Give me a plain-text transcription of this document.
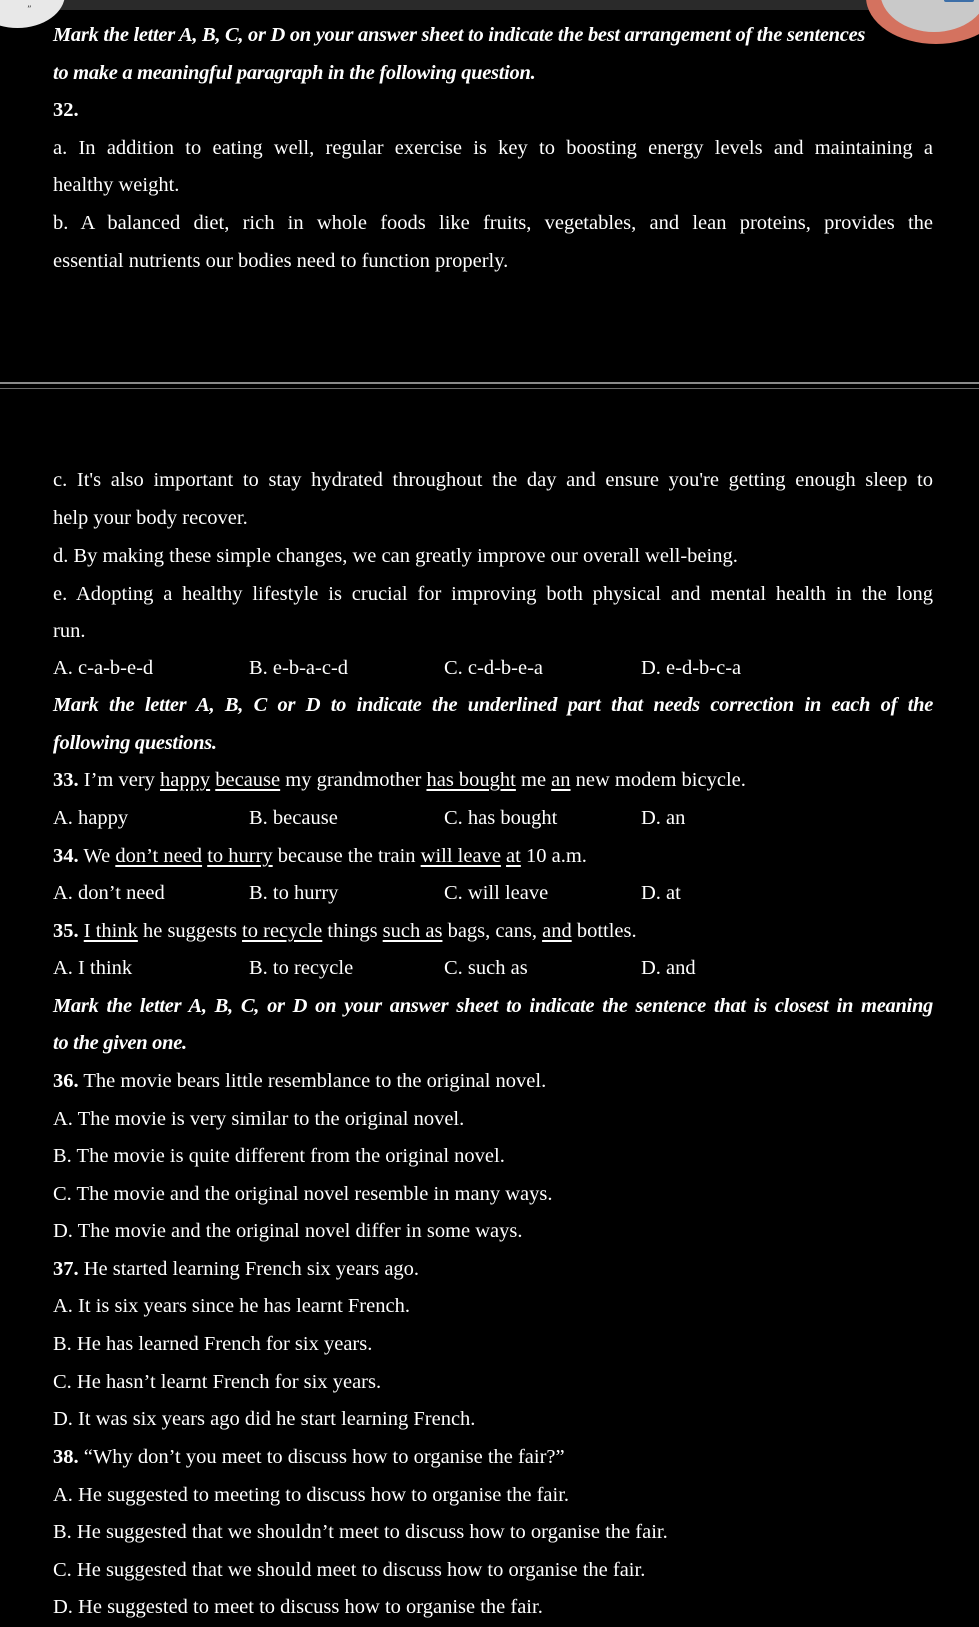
”
Mark the letter A, B, C, or D on your answer sheet to indicate the best arrangement of the sentences
to make a meaningful paragraph in the following question.
32.
a. In addition to eating well, regular exercise is key to boosting energy levels and maintaining a
healthy weight.
b. A balanced diet, rich in whole foods like fruits, vegetables, and lean proteins, provides the
essential nutrients our bodies need to function properly.
c. It's also important to stay hydrated throughout the day and ensure you're getting enough sleep to
help your body recover.
d. By making these simple changes, we can greatly improve our overall well-being.
e. Adopting a healthy lifestyle is crucial for improving both physical and mental health in the long
run.
A. c-a-b-e-d	B. e-b-a-c-d	C. c-d-b-e-a	D. e-d-b-c-a
Mark the letter A, B, C or D to indicate the underlined part that needs correction in each of the
following questions.
33. I’m very happy because my grandmother has bought me an new modem bicycle.
A. happy	B. because	C. has bought	D. an
34. We don’t need to hurry because the train will leave at 10 a.m.
A. don’t need	B. to hurry	C. will leave	D. at
35. I think he suggests to recycle things such as bags, cans, and bottles.
A. I think	B. to recycle	C. such as	D. and
Mark the letter A, B, C, or D on your answer sheet to indicate the sentence that is closest in meaning
to the given one.
36. The movie bears little resemblance to the original novel.
A. The movie is very similar to the original novel.
B. The movie is quite different from the original novel.
C. The movie and the original novel resemble in many ways.
D. The movie and the original novel differ in some ways.
37. He started learning French six years ago.
A. It is six years since he has learnt French.
B. He has learned French for six years.
C. He hasn’t learnt French for six years.
D. It was six years ago did he start learning French.
38. “Why don’t you meet to discuss how to organise the fair?”
A. He suggested to meeting to discuss how to organise the fair.
B. He suggested that we shouldn’t meet to discuss how to organise the fair.
C. He suggested that we should meet to discuss how to organise the fair.
D. He suggested to meet to discuss how to organise the fair.
